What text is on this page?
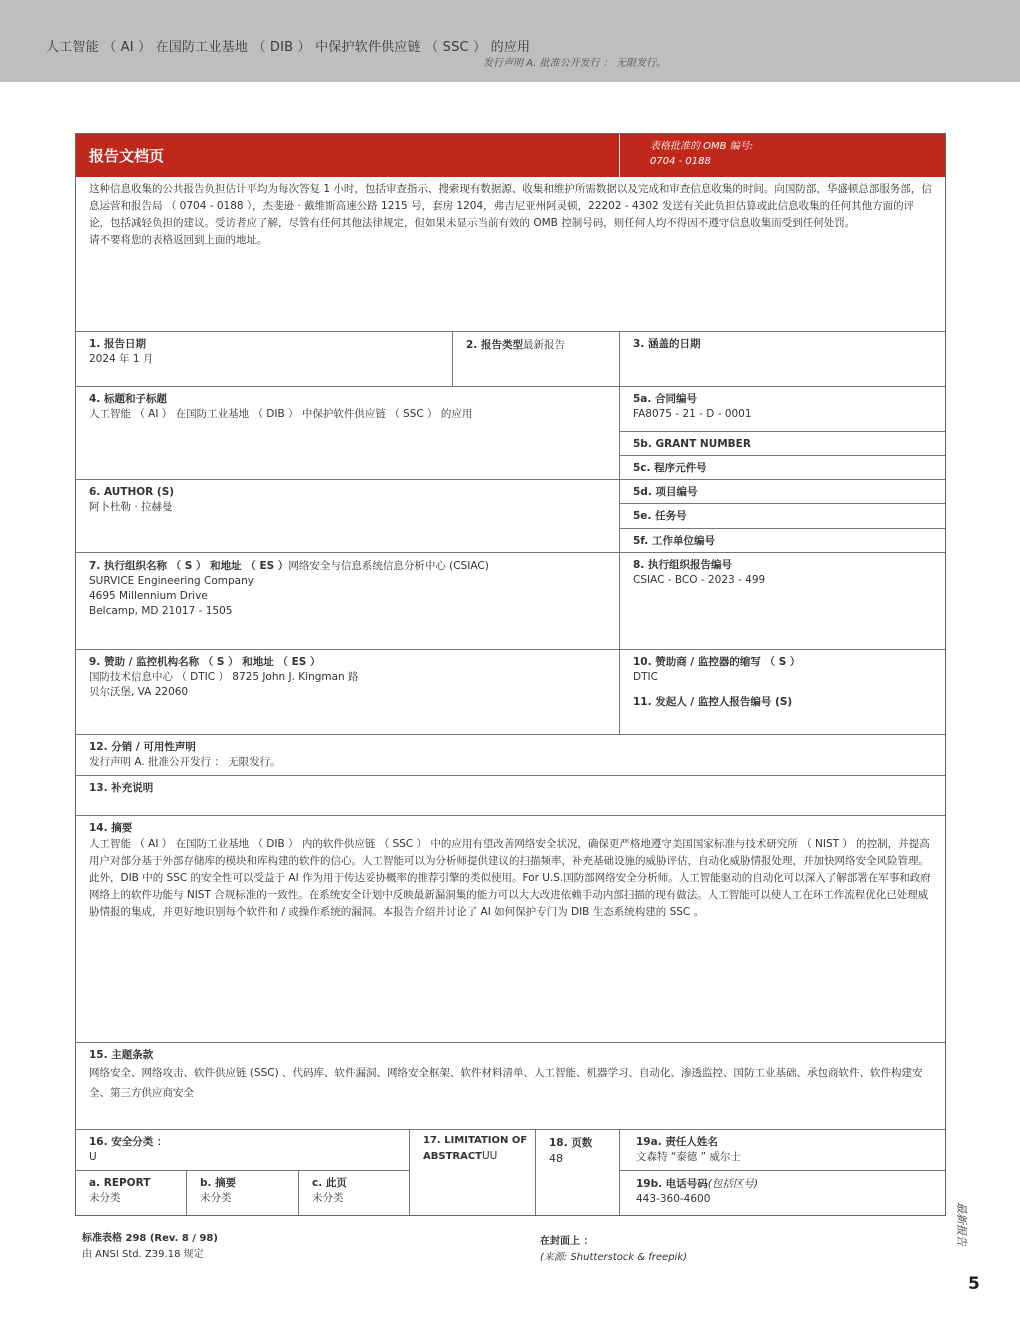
人工智能 （ AI ） 在国防工业基地 （ DIB ） 中保护软件供应链 （ SSC ） 的应用
发行声明 A. 批准公开发行 ： 无限发行。
报告文档页
表格批准的 OMB 编号:
0704 - 0188
这种信息收集的公共报告负担估计平均为每次答复 1 小时，包括审查指示、搜索现有数据源、收集和维护所需数据以及完成和审查信息收集的时间。向国防部，华盛顿总部服务部，信息运营和报告局 （ 0704 - 0188 ），杰斐逊 · 戴维斯高速公路 1215 号，套房 1204，弗吉尼亚州阿灵顿，22202 - 4302 发送有关此负担估算或此信息收集的任何其他方面的评论，包括减轻负担的建议。受访者应了解，尽管有任何其他法律规定，但如果未显示当前有效的 OMB 控制号码，则任何人均不得因不遵守信息收集而受到任何处罚。
请不要将您的表格返回到上面的地址。
1. 报告日期
2024 年 1 月
2. 报告类型最新报告	3. 涵盖的日期
4. 标题和子标题
人工智能 （ AI ） 在国防工业基地 （ DIB ） 中保护软件供应链 （ SSC ） 的应用
5a. 合同编号
FA8075 - 21 - D - 0001
5b. GRANT NUMBER
5c. 程序元件号
6. AUTHOR (S)
阿卜杜勒 · 拉赫曼
5d. 项目编号
5e. 任务号
5f. 工作单位编号
7. 执行组织名称 （ S ） 和地址 （ ES ）网络安全与信息系统信息分析中心 (CSIAC)
SURVICE Engineering Company
4695 Millennium Drive
Belcamp, MD 21017 - 1505
8. 执行组织报告编号
CSIAC - BCO - 2023 - 499
9. 赞助 / 监控机构名称 （ S ） 和地址 （ ES ）
国防技术信息中心 （ DTIC ） 8725 John J. Kingman 路
贝尔沃堡, VA 22060
10. 赞助商 / 监控器的缩写 （ S ）
DTIC
11. 发起人 / 监控人报告编号 (S)
12. 分销 / 可用性声明
发行声明 A. 批准公开发行 ： 无限发行。
13. 补充说明
14. 摘要
人工智能 （ AI ） 在国防工业基地 （ DIB ） 内的软件供应链 （ SSC ） 中的应用有望改善网络安全状况，确保更严格地遵守美国国家标准与技术研究所 （ NIST ） 的控制，并提高用户对部分基于外部存储库的模块和库构建的软件的信心。人工智能可以为分析师提供建议的扫描频率，补充基础设施的威胁评估，自动化威胁情报处理，并加快网络安全风险管理。此外，DIB 中的 SSC 的安全性可以受益于 AI 作为用于传达妥协概率的推荐引擎的类似使用。For U.S.国防部网络安全分析师。人工智能驱动的自动化可以深入了解部署在军事和政府网络上的软件功能与 NIST 合规标准的一致性。在系统安全计划中反映最新漏洞集的能力可以大大改进依赖手动内部扫描的现有做法。人工智能可以使人工在环工作流程优化已处理威胁情报的集成，并更好地识别每个软件和 / 或操作系统的漏洞。本报告介绍并讨论了 AI 如何保护专门为 DIB 生态系统构建的 SSC 。
15. 主题条款
网络安全、网络攻击、软件供应链 (SSC) 、代码库、软件漏洞、网络安全框架、软件材料清单、人工智能、机器学习、自动化、渗透监控、国防工业基础、承包商软件、软件构建安全、第三方供应商安全
16. 安全分类 ：
U
a. REPORT
未分类
b. 摘要
未分类
c. 此页
未分类
17. LIMITATION OF
ABSTRACTUU
18. 页数48
19a. 责任人姓名
文森特 “泰德 ” 威尔士
19b. 电话号码(包括区号)
443-360-4600
标准表格 298 (Rev. 8 / 98)
由 ANSI Std. Z39.18 规定
在封面上 ：
(来源: Shutterstock & freepik)
最新报告
5
